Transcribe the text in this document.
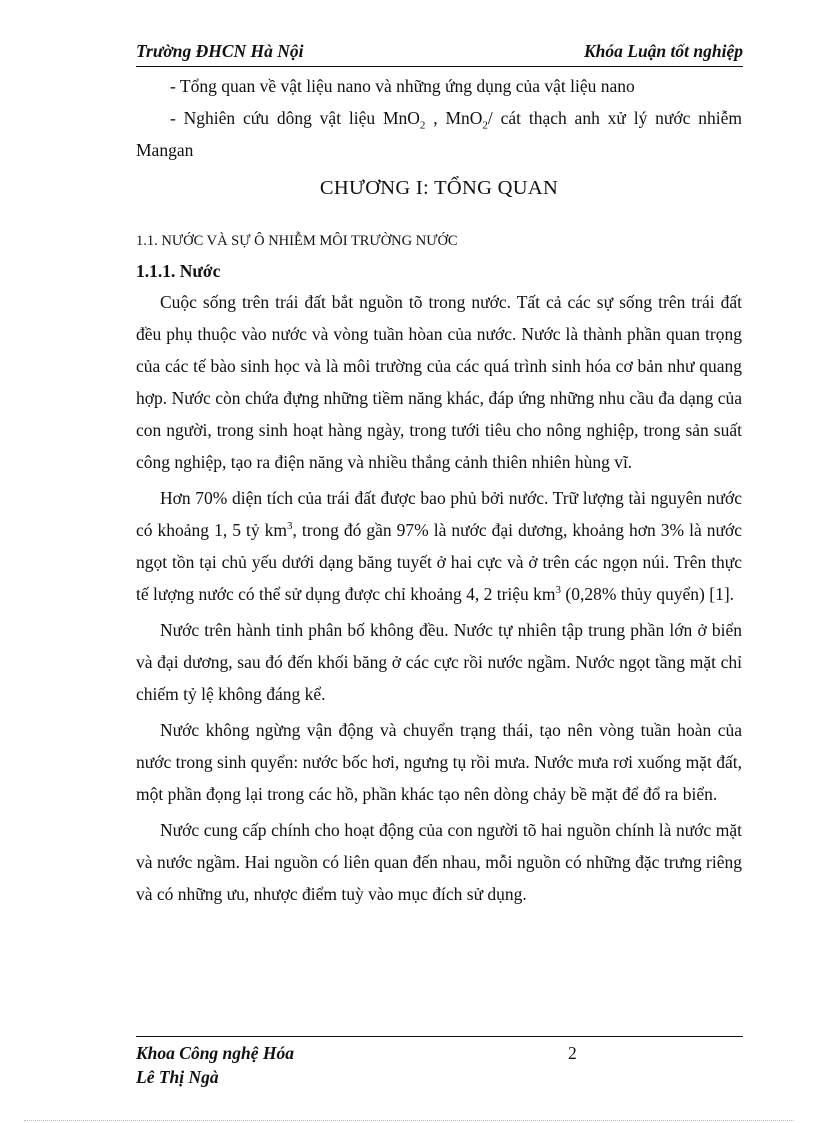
Trường ĐHCN Hà Nội	Khóa Luận tốt nghiệp

- Tổng quan về vật liệu nano và những ứng dụng của vật liệu nano

- Nghiên cứu dông vật liệu MnO$_2$ , MnO$_2$/ cát thạch anh xử lý nước nhiễm Mangan

CHƯƠNG I: TỔNG QUAN

1.1. NƯỚC VÀ SỰ Ô NHIỄM MÔI TRƯỜNG NƯỚC

1.1.1. Nước

Cuộc sống trên trái đất bắt nguồn tõ trong nước. Tất cả các sự sống trên trái đất đều phụ thuộc vào nước và vòng tuần hòan của nước. Nước là thành phần quan trọng của các tế bào sinh học và là môi trường của các quá trình sinh hóa cơ bản như quang hợp. Nước còn chứa đựng những tiềm năng khác, đáp ứng những nhu cầu đa dạng của con người, trong sinh hoạt hàng ngày, trong tưới tiêu cho nông nghiệp, trong sản suất công nghiệp, tạo ra điện năng và nhiều thắng cảnh thiên nhiên hùng vĩ.

Hơn 70% diện tích của trái đất được bao phủ bởi nước. Trữ lượng tài nguyên nước có khoảng 1, 5 tỷ $km^3$, trong đó gần 97% là nước đại dương, khoảng hơn 3% là nước ngọt tồn tại chủ yếu dưới dạng băng tuyết ở hai cực và ở trên các ngọn núi. Trên thực tế lượng nước có thể sử dụng được chỉ khoảng 4, 2 triệu $km^3$ (0,28% thủy quyển) [1].

Nước trên hành tinh phân bố không đều. Nước tự nhiên tập trung phần lớn ở biển và đại dương, sau đó đến khối băng ở các cực rồi nước ngầm. Nước ngọt tầng mặt chỉ chiếm tỷ lệ không đáng kể.

Nước không ngừng vận động và chuyển trạng thái, tạo nên vòng tuần hoàn của nước trong sinh quyển: nước bốc hơi, ngưng tụ rồi mưa. Nước mưa rơi xuống mặt đất, một phần đọng lại trong các hồ, phần khác tạo nên dòng chảy bề mặt để đổ ra biển.

Nước cung cấp chính cho hoạt động của con người tõ hai nguồn chính là nước mặt và nước ngầm. Hai nguồn có liên quan đến nhau, mỗi nguồn có những đặc trưng riêng và có những ưu, nhược điểm tuỳ vào mục đích sử dụng.

Khoa Công nghệ Hóa
Lê Thị Ngà
2
